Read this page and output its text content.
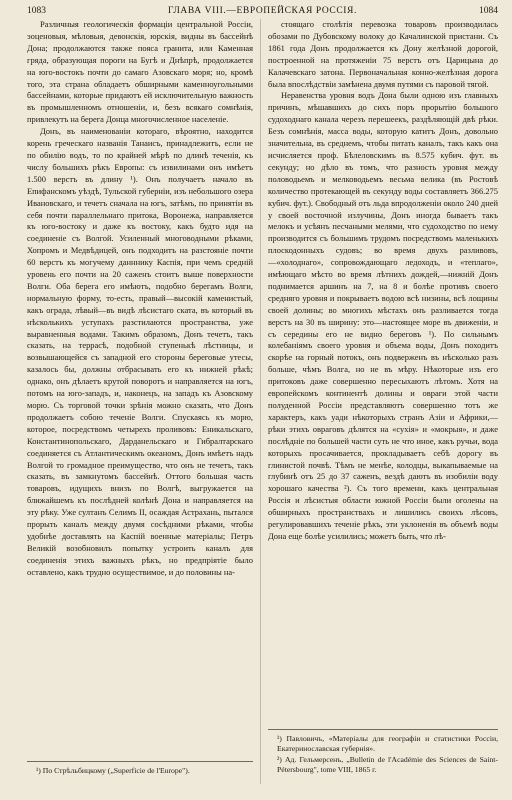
1083	ГЛАВА VIII.—ЕВРОПЕЙСКАЯ РОССІЯ.	1084

Различныя геологическія формаціи центральной Россіи, эоценовыя, мѣловыя, девонскія, юрскія, видны въ бассейнѣ Дона; продолжаются также пояса гранита, или Каменная гряда, образующая пороги на Бугѣ и Днѣпрѣ, продолжается на юго-востокъ почти до самаго Азовскаго моря; но, кромѣ того, эта страна обладаетъ обширными каменноугольными бассейнами, которые придаютъ ей исключительную важность въ промышленномъ отношеніи, и, безъ всякаго сомнѣнія, привлекутъ на берега Донца многочисленное населеніе.

Донъ, въ наименованіи котораго, вѣроятно, находится корень греческаго названія Танаисъ, принадлежитъ, если не по обилію водъ, то по крайней мѣрѣ по длинѣ теченія, къ числу большихъ рѣкъ Европы: съ извилинами онъ имѣетъ 1.500 верстъ въ длину ¹). Онъ получаетъ начало въ Епифанскомъ уѣздѣ, Тульской губерніи, изъ небольшого озера Ивановскаго, и течетъ сначала на югъ, затѣмъ, по принятіи въ себя почти параллельнаго притока, Воронежа, направляется къ юго-востоку и даже къ востоку, какъ будто идя на соединеніе съ Волгой. Усиленный многоводными рѣками, Хопромъ и Медвѣдицей, онъ подходитъ на разстояніе почти 60 верстъ къ могучему данннику Каспія, при чемъ средній уровень его почти на 20 саженъ стоитъ выше поверхности Волги. Оба берега его имѣютъ, подобно берегамъ Волги, нормальную форму, то-есть, правый—высокій каменистый, какъ ограда, лѣвый—въ видѣ лѣсистаго ската, въ который въ нѣсколькихъ уступахъ разстилаются пространства, уже выравненныя водами. Такимъ образомъ, Донъ течетъ, такъ сказать, на террасѣ, подобной ступенькѣ лѣстницы, и возвышающейся съ западной его стороны береговые утесы, казалось бы, должны отбрасывать его къ нижней рѣкѣ; однако, онъ дѣлаетъ крутой поворотъ и направляется на югъ, потомъ на юго-западъ, и, наконецъ, на западъ къ Азовскому морю. Съ торговой точки зрѣнія можно сказать, что Донъ продолжаетъ собою теченіе Волги. Спускаясь къ морю, которое, посредствомъ четырехъ проливовъ: Еникальскаго, Константинопольскаго, Дарданельскаго и Гибралтарскаго соединяется съ Атлантическимъ океаномъ, Донъ имѣетъ надъ Волгой то громадное преимущество, что онъ не течетъ, такъ сказать, въ замкнутомъ бассейнѣ. Оттого большая часть товаровъ, идущихъ внизъ по Волгѣ, выгружается на ближайшемъ къ послѣдней колѣнѣ Дона и направляется на эту рѣку. Уже султанъ Селимъ II, осаждая Астрахань, пытался прорыть каналъ между двумя сосѣдними рѣками, чтобы удобнѣе доставлять на Каспій военные матеріалы; Петръ Великій возобновилъ попытку устроить каналъ для соединенія этихъ важныхъ рѣкъ, но предпріятіе было оставлено, какъ трудно осуществимое, и до половины на-

стоящаго столѣтія перевозка товаровъ производилась обозами по Дубовскому волоку до Качалинской пристани. Съ 1861 года Донъ продолжается къ Дону желѣзной дорогой, построенной на протяженіи 75 верстъ отъ Царицына до Калачевскаго затона. Первоначальная конно-желѣзная дорога была впослѣдствіи замѣнена двумя путями съ паровой тягой.

Неравенства уровня водъ Дона были одною изъ главныхъ причинъ, мѣшавшихъ до сихъ поръ прорытію большого судоходнаго канала черезъ перешеекъ, раздѣляющій двѣ рѣки. Безъ сомнѣнія, масса воды, которую катитъ Донъ, довольно значительна, въ среднемъ, чтобы питать каналъ, такъ какъ она исчисляется проф. Бѣлеловскимъ въ 8.575 кубич. фут. въ секунду; но дѣло въ томъ, что разность уровня между половодьемъ и мелководьемъ весьма велика (въ Ростовѣ количество протекающей въ секунду воды составляетъ 366.275 кубич. фут.). Свободный отъ льда впродолженіи около 240 дней у своей восточной излучины, Донъ иногда бываетъ такъ мелокъ и усѣянъ песчаными мелями, что судоходство по нему производится съ большимъ трудомъ посредствомъ маленькихъ плоскодонныхъ судовъ; во время двухъ разливовъ,—«холоднаго», сопровождающаго ледоходъ, и «теплаго», имѣющаго мѣсто во время лѣтнихъ дождей,—нижній Донъ поднимается аршинъ на 7, на 8 и болѣе противъ своего средняго уровня и покрываетъ водою всѣ низины, всѣ лощины своей долины; во многихъ мѣстахъ онъ разливается тогда верстъ на 30 въ ширину: это—настоящее море въ движеніи, и съ середины его не видно береговъ ¹). По сильнымъ колебаніямъ своего уровня и объема воды, Донъ походитъ скорѣе на горный потокъ, онъ подверженъ въ нѣсколько разъ больше, чѣмъ Волга, но не въ мѣру. Нѣкоторые изъ его притоковъ даже совершенно пересыхаютъ лѣтомъ. Хотя на европейскомъ континентѣ долины и овраги этой части полуденной Россіи представляютъ совершенно тотъ же характеръ, какъ уади нѣкоторыхъ странъ Азіи и Африки,—рѣки этихъ овраговъ дѣлятся на «сухія» и «мокрыя», и даже послѣдніе по большей части суть не что иное, какъ ручьи, вода которыхъ просачивается, прокладываетъ себѣ дорогу въ глинистой почвѣ. Тѣмъ не менѣе, колодцы, выкапываемые на глубинѣ отъ 25 до 37 саженъ, вездѣ даютъ въ изобиліи воду хорошаго качества ²). Съ того времени, какъ центральная Россія и лѣсистыя области южной Россіи были оголены на обширныхъ пространствахъ и лишились своихъ лѣсовъ, регулировавшихъ теченіе рѣкъ, эти уклоненія въ объемѣ воды Дона еще болѣе усилились; можетъ быть, что лѣ-

¹) По Стрѣльбицкому („Superficie de l'Europe").
¹) Павловичъ, «Матеріалы для географіи и статистики Россіи, Екатеринославская губернія».
²) Ад. Гельмерсенъ, „Bulletin de l'Académie des Sciences de Saint-Pétersbourg", tome VIII, 1865 г.
